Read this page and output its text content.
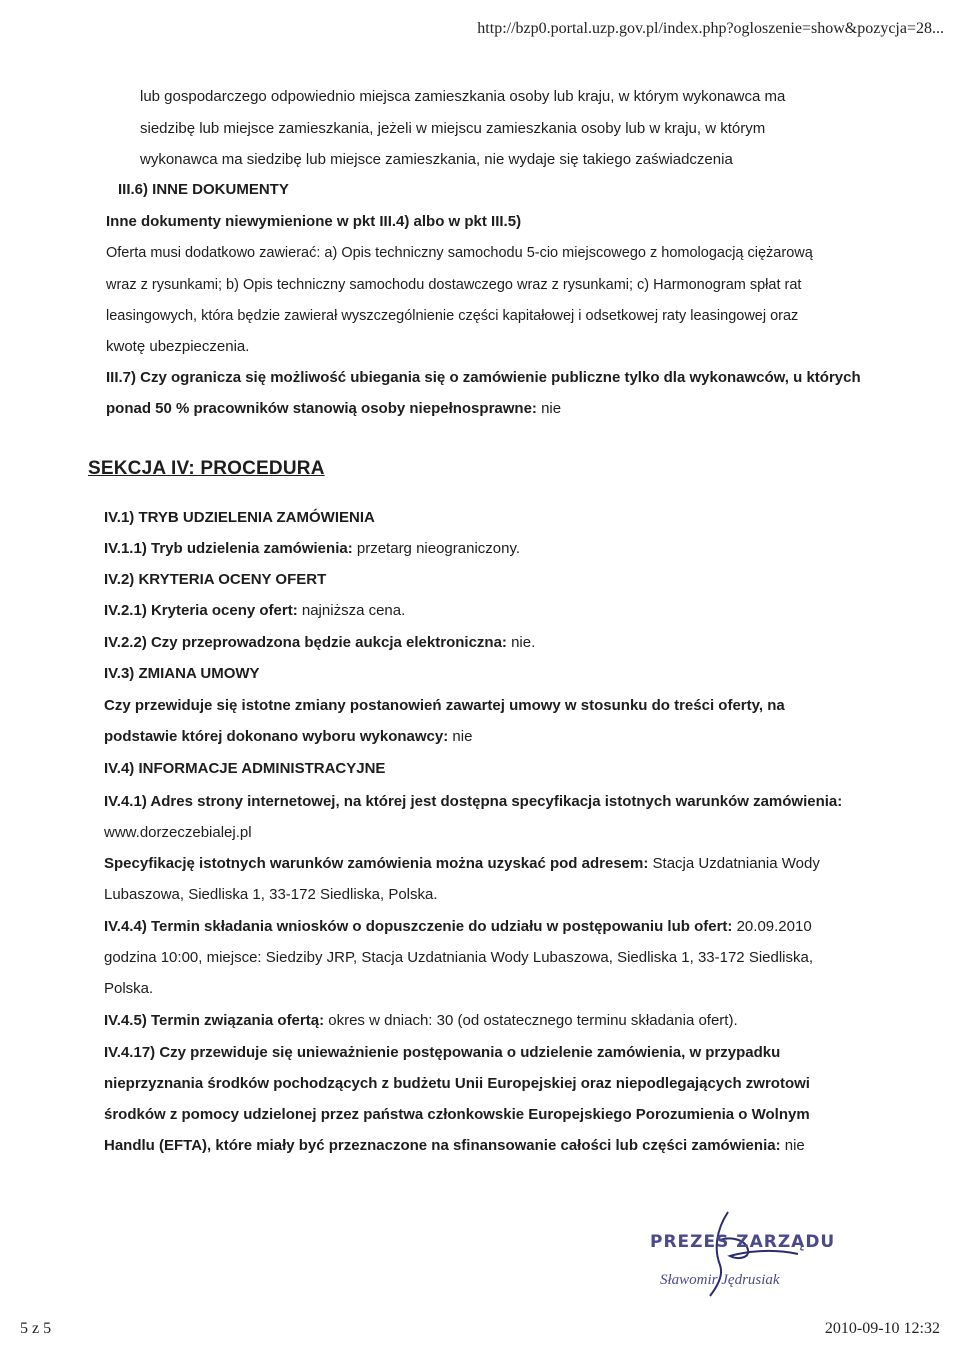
http://bzp0.portal.uzp.gov.pl/index.php?ogloszenie=show&pozycja=28...
lub gospodarczego odpowiednio miejsca zamieszkania osoby lub kraju, w którym wykonawca ma
siedzibę lub miejsce zamieszkania, jeżeli w miejscu zamieszkania osoby lub w kraju, w którym
wykonawca ma siedzibę lub miejsce zamieszkania, nie wydaje się takiego zaświadczenia
III.6) INNE DOKUMENTY
Inne dokumenty niewymienione w pkt III.4) albo w pkt III.5)
Oferta musi dodatkowo zawierać: a) Opis techniczny samochodu 5-cio miejscowego z homologacją ciężarową
wraz z rysunkami; b) Opis techniczny samochodu dostawczego wraz z rysunkami; c) Harmonogram spłat rat
leasingowych, która będzie zawierał wyszczególnienie części kapitałowej i odsetkowej raty leasingowej oraz
kwotę ubezpieczenia.
III.7) Czy ogranicza się możliwość ubiegania się o zamówienie publiczne tylko dla wykonawców, u których
ponad 50 % pracowników stanowią osoby niepełnosprawne: nie
SEKCJA IV: PROCEDURA
IV.1) TRYB UDZIELENIA ZAMÓWIENIA
IV.1.1) Tryb udzielenia zamówienia: przetarg nieograniczony.
IV.2) KRYTERIA OCENY OFERT
IV.2.1) Kryteria oceny ofert: najniższa cena.
IV.2.2) Czy przeprowadzona będzie aukcja elektroniczna: nie.
IV.3) ZMIANA UMOWY
Czy przewiduje się istotne zmiany postanowień zawartej umowy w stosunku do treści oferty, na
podstawie której dokonano wyboru wykonawcy: nie
IV.4) INFORMACJE ADMINISTRACYJNE
IV.4.1) Adres strony internetowej, na której jest dostępna specyfikacja istotnych warunków zamówienia:
www.dorzeczebialej.pl
Specyfikację istotnych warunków zamówienia można uzyskać pod adresem: Stacja Uzdatniania Wody
Lubaszowa, Siedliska 1, 33-172 Siedliska, Polska.
IV.4.4) Termin składania wniosków o dopuszczenie do udziału w postępowaniu lub ofert: 20.09.2010
godzina 10:00, miejsce: Siedziby JRP, Stacja Uzdatniania Wody Lubaszowa, Siedliska 1, 33-172 Siedliska,
Polska.
IV.4.5) Termin związania ofertą: okres w dniach: 30 (od ostatecznego terminu składania ofert).
IV.4.17) Czy przewiduje się unieważnienie postępowania o udzielenie zamówienia, w przypadku
nieprzyznania środków pochodzących z budżetu Unii Europejskiej oraz niepodlegających zwrotowi
środków z pomocy udzielonej przez państwa członkowskie Europejskiego Porozumienia o Wolnym
Handlu (EFTA), które miały być przeznaczone na sfinansowanie całości lub części zamówienia: nie
PREZES ZARZĄDU
Sławomir Jędrusiak
5 z 5	2010-09-10 12:32
